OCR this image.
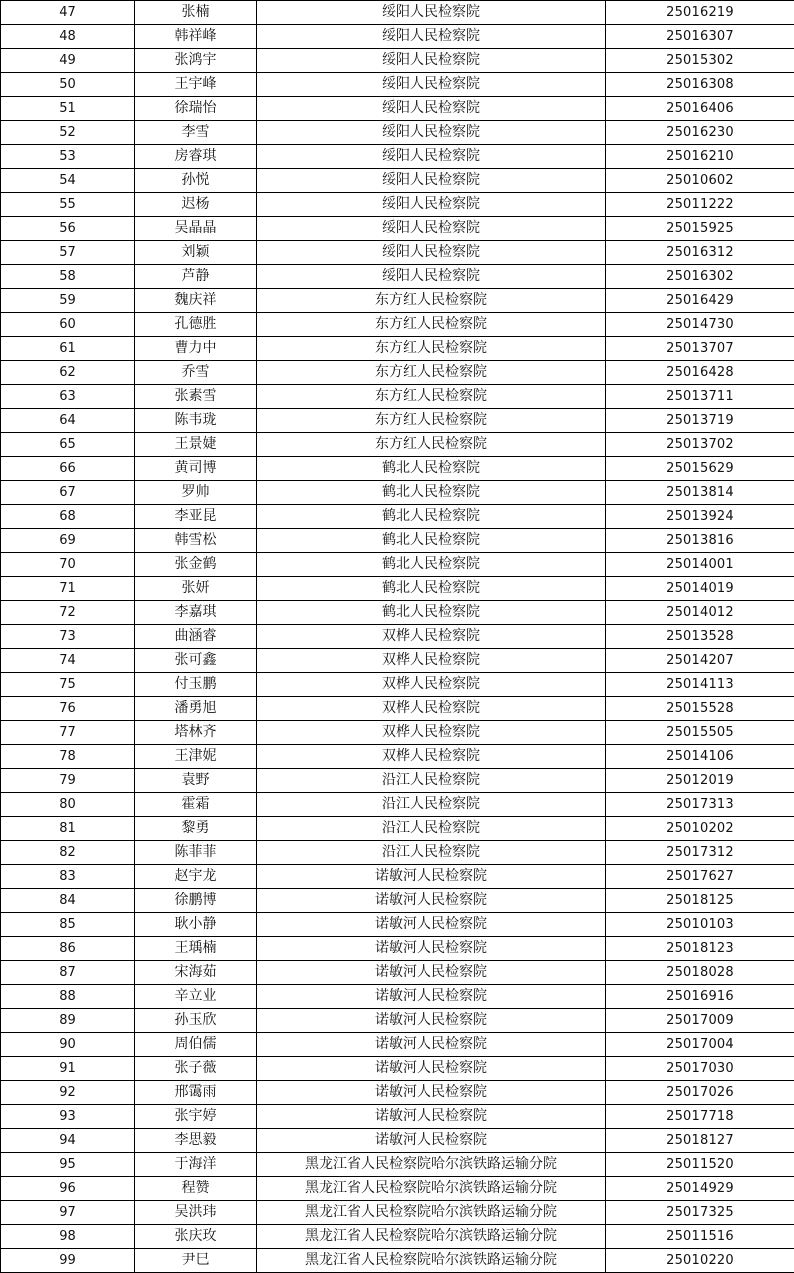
47	张楠	绥阳人民检察院	25016219
48	韩祥峰	绥阳人民检察院	25016307
49	张鸿宇	绥阳人民检察院	25015302
50	王宇峰	绥阳人民检察院	25016308
51	徐瑞怡	绥阳人民检察院	25016406
52	李雪	绥阳人民检察院	25016230
53	房睿琪	绥阳人民检察院	25016210
54	孙悦	绥阳人民检察院	25010602
55	迟杨	绥阳人民检察院	25011222
56	吴晶晶	绥阳人民检察院	25015925
57	刘颖	绥阳人民检察院	25016312
58	芦静	绥阳人民检察院	25016302
59	魏庆祥	东方红人民检察院	25016429
60	孔德胜	东方红人民检察院	25014730
61	曹力中	东方红人民检察院	25013707
62	乔雪	东方红人民检察院	25016428
63	张素雪	东方红人民检察院	25013711
64	陈韦珑	东方红人民检察院	25013719
65	王景婕	东方红人民检察院	25013702
66	黄司博	鹤北人民检察院	25015629
67	罗帅	鹤北人民检察院	25013814
68	李亚昆	鹤北人民检察院	25013924
69	韩雪松	鹤北人民检察院	25013816
70	张金鹤	鹤北人民检察院	25014001
71	张妍	鹤北人民检察院	25014019
72	李嘉琪	鹤北人民检察院	25014012
73	曲涵睿	双桦人民检察院	25013528
74	张可鑫	双桦人民检察院	25014207
75	付玉鹏	双桦人民检察院	25014113
76	潘勇旭	双桦人民检察院	25015528
77	塔林齐	双桦人民检察院	25015505
78	王津妮	双桦人民检察院	25014106
79	袁野	沿江人民检察院	25012019
80	霍霜	沿江人民检察院	25017313
81	黎勇	沿江人民检察院	25010202
82	陈菲菲	沿江人民检察院	25017312
83	赵宇龙	诺敏河人民检察院	25017627
84	徐鹏博	诺敏河人民检察院	25018125
85	耿小静	诺敏河人民检察院	25010103
86	王瑀楠	诺敏河人民检察院	25018123
87	宋海茹	诺敏河人民检察院	25018028
88	辛立业	诺敏河人民检察院	25016916
89	孙玉欣	诺敏河人民检察院	25017009
90	周伯儒	诺敏河人民检察院	25017004
91	张子薇	诺敏河人民检察院	25017030
92	邢霭雨	诺敏河人民检察院	25017026
93	张宇婷	诺敏河人民检察院	25017718
94	李思毅	诺敏河人民检察院	25018127
95	于海洋	黑龙江省人民检察院哈尔滨铁路运输分院	25011520
96	程赞	黑龙江省人民检察院哈尔滨铁路运输分院	25014929
97	吴洪玮	黑龙江省人民检察院哈尔滨铁路运输分院	25017325
98	张庆玫	黑龙江省人民检察院哈尔滨铁路运输分院	25011516
99	尹巳	黑龙江省人民检察院哈尔滨铁路运输分院	25010220
